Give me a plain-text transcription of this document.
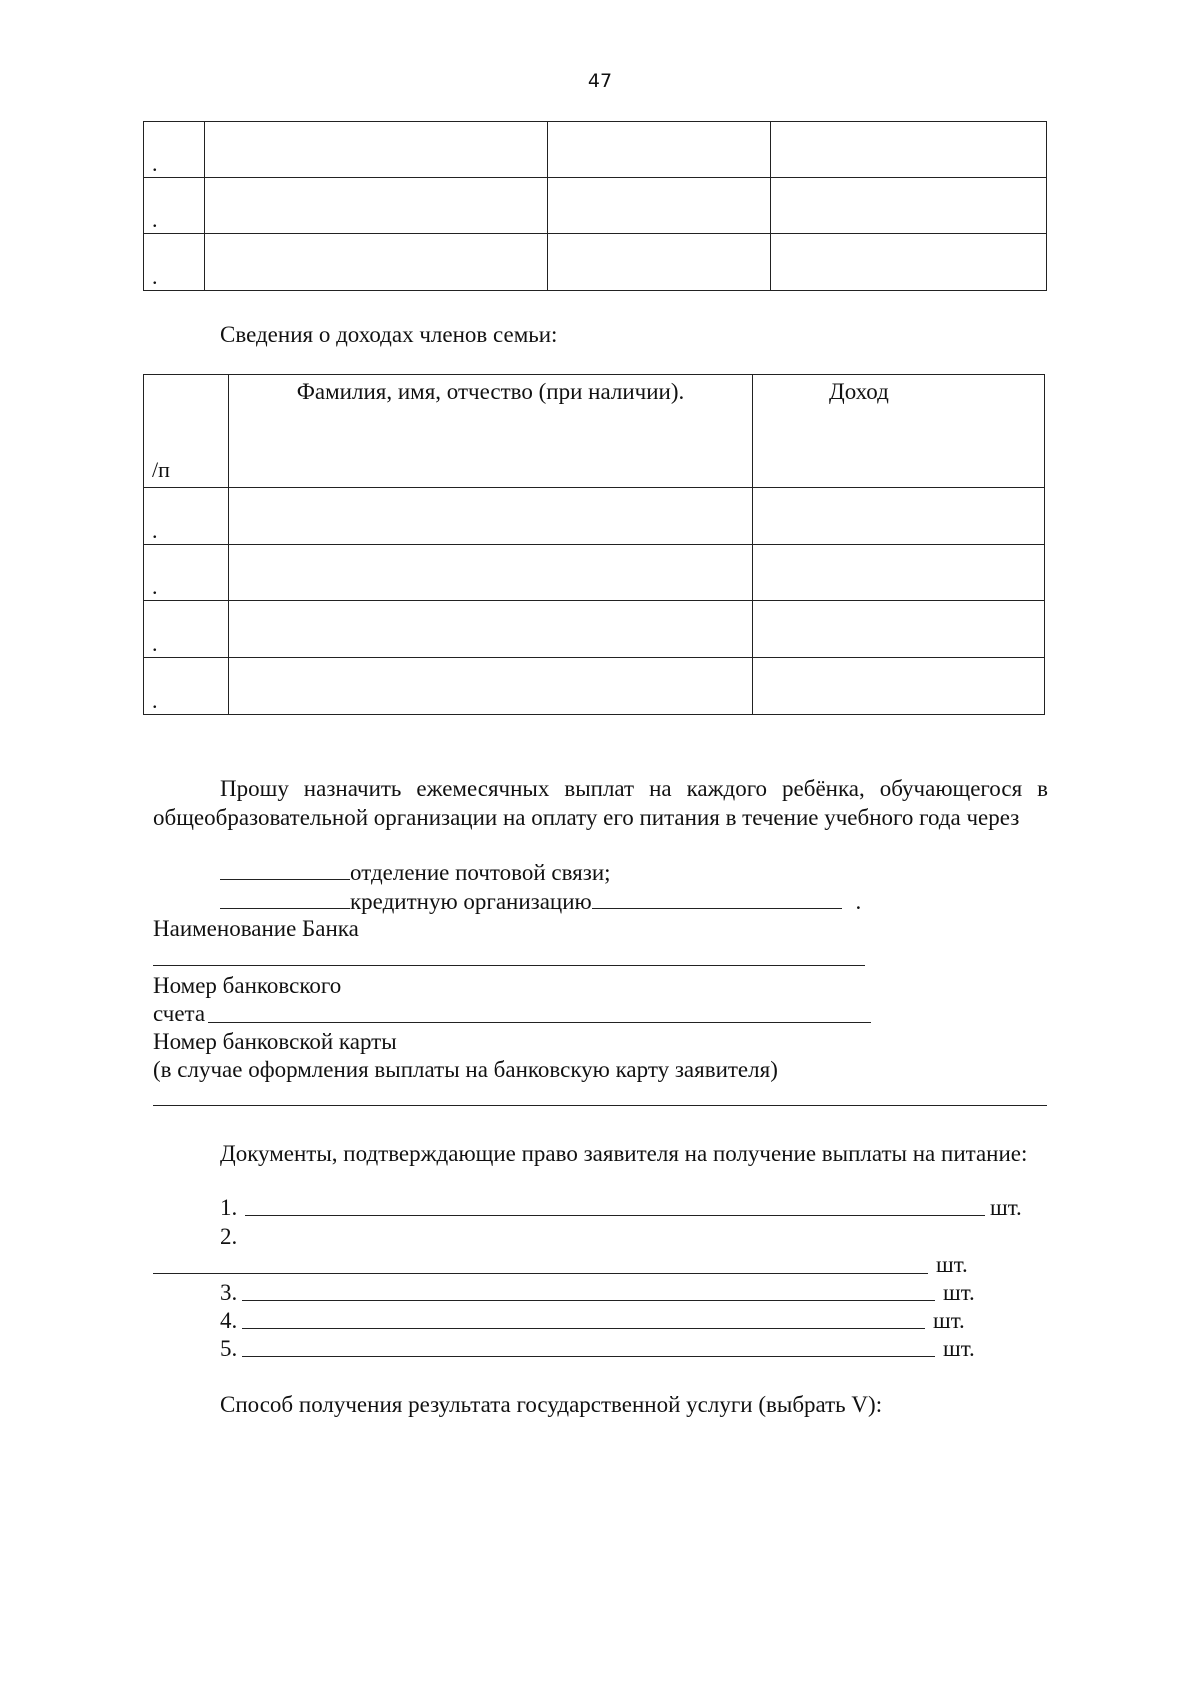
47
.			
.			
.			
Сведения о доходах членов семьи:
/п	Фамилия, имя, отчество (при наличии).	Доход
.		
.		
.		
.		
Прошу назначить ежемесячных выплат на каждого ребёнка, обучающегося в общеобразовательной организации на оплату его питания в течение учебного года через
отделение почтовой связи;
кредитную организацию	.
Наименование Банка
Номер банковского
счета
Номер банковской карты
(в случае оформления выплаты на банковскую карту заявителя)
Документы, подтверждающие право заявителя на получение выплаты на питание:
1.	шт.
2.
шт.
3.	шт.
4.	шт.
5.	шт.
Способ получения результата государственной услуги (выбрать V):
